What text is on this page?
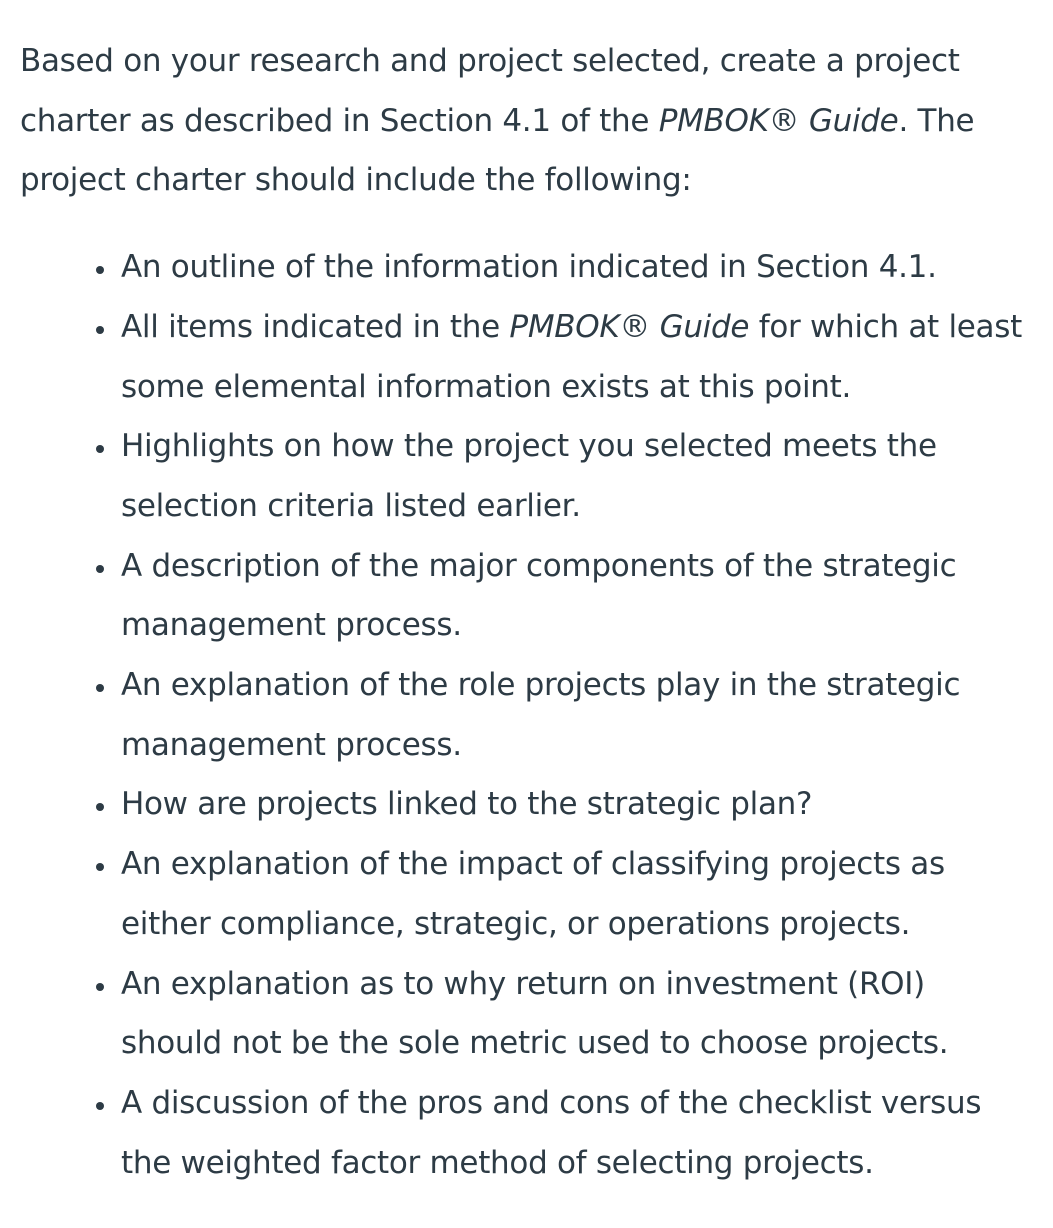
Based on your research and project selected, create a project charter as described in Section 4.1 of the PMBOK® Guide. The project charter should include the following:

An outline of the information indicated in Section 4.1.
All items indicated in the PMBOK® Guide for which at least some elemental information exists at this point.
Highlights on how the project you selected meets the selection criteria listed earlier.
A description of the major components of the strategic management process.
An explanation of the role projects play in the strategic management process.
How are projects linked to the strategic plan?
An explanation of the impact of classifying projects as either compliance, strategic, or operations projects.
An explanation as to why return on investment (ROI) should not be the sole metric used to choose projects.
A discussion of the pros and cons of the checklist versus the weighted factor method of selecting projects.
